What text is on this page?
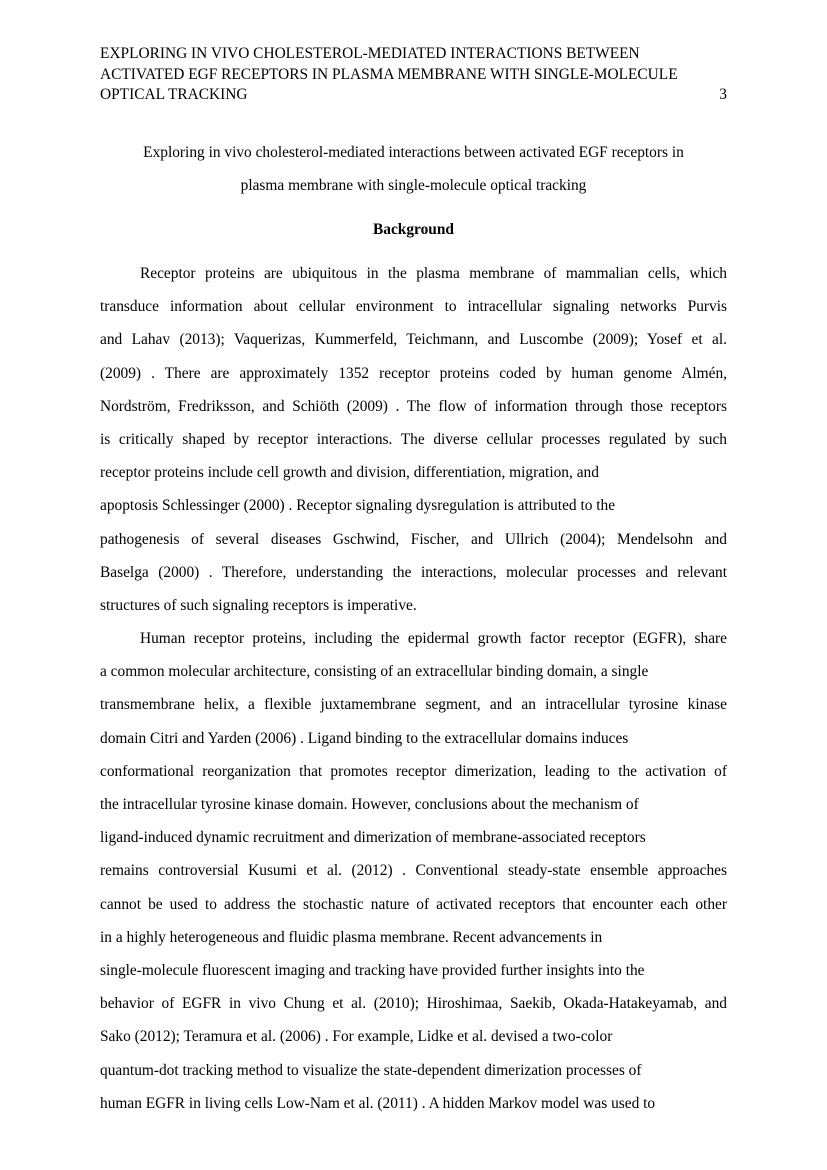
EXPLORING IN VIVO CHOLESTEROL-MEDIATED INTERACTIONS BETWEEN
ACTIVATED EGF RECEPTORS IN PLASMA MEMBRANE WITH SINGLE-MOLECULE
OPTICAL TRACKING	3
Exploring in vivo cholesterol-mediated interactions between activated EGF receptors in
plasma membrane with single-molecule optical tracking
Background
Receptor proteins are ubiquitous in the plasma membrane of mammalian cells, which
transduce information about cellular environment to intracellular signaling networks Purvis
and Lahav (2013); Vaquerizas, Kummerfeld, Teichmann, and Luscombe (2009); Yosef et al.
(2009) . There are approximately 1352 receptor proteins coded by human genome Almén,
Nordström, Fredriksson, and Schiöth (2009) . The flow of information through those receptors
is critically shaped by receptor interactions. The diverse cellular processes regulated by such
receptor proteins include cell growth and division, differentiation, migration, and
apoptosis Schlessinger (2000) . Receptor signaling dysregulation is attributed to the
pathogenesis of several diseases Gschwind, Fischer, and Ullrich (2004); Mendelsohn and
Baselga (2000) . Therefore, understanding the interactions, molecular processes and relevant
structures of such signaling receptors is imperative.
Human receptor proteins, including the epidermal growth factor receptor (EGFR), share
a common molecular architecture, consisting of an extracellular binding domain, a single
transmembrane helix, a flexible juxtamembrane segment, and an intracellular tyrosine kinase
domain Citri and Yarden (2006) . Ligand binding to the extracellular domains induces
conformational reorganization that promotes receptor dimerization, leading to the activation of
the intracellular tyrosine kinase domain. However, conclusions about the mechanism of
ligand-induced dynamic recruitment and dimerization of membrane-associated receptors
remains controversial Kusumi et al. (2012) . Conventional steady-state ensemble approaches
cannot be used to address the stochastic nature of activated receptors that encounter each other
in a highly heterogeneous and fluidic plasma membrane. Recent advancements in
single-molecule fluorescent imaging and tracking have provided further insights into the
behavior of EGFR in vivo Chung et al. (2010); Hiroshimaa, Saekib, Okada-Hatakeyamab, and
Sako (2012); Teramura et al. (2006) . For example, Lidke et al. devised a two-color
quantum-dot tracking method to visualize the state-dependent dimerization processes of
human EGFR in living cells Low-Nam et al. (2011) . A hidden Markov model was used to
